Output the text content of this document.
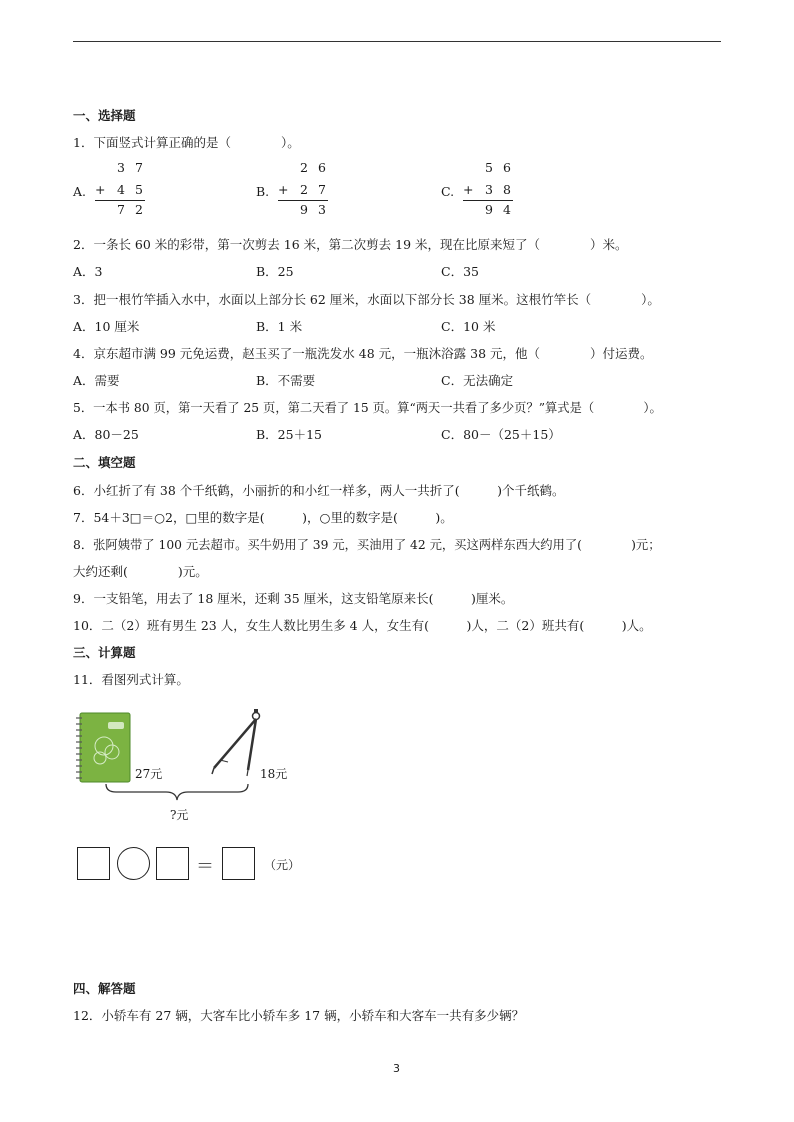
一、选择题
1．下面竖式计算正确的是（　　　　）。
A.
3 7
+ 4 5
7 2
B.
2 6
+ 2 7
9 3
C.
5 6
+ 3 8
9 4
2．一条长 60 米的彩带，第一次剪去 16 米，第二次剪去 19 米，现在比原来短了（　　　　）米。
A．3	B．25	C．35
3．把一根竹竿插入水中，水面以上部分长 62 厘米，水面以下部分长 38 厘米。这根竹竿长（　　　　）。
A．10 厘米	B．1 米	C．10 米
4．京东超市满 99 元免运费，赵玉买了一瓶洗发水 48 元，一瓶沐浴露 38 元，他（　　　　）付运费。
A．需要	B．不需要	C．无法确定
5．一本书 80 页，第一天看了 25 页，第二天看了 15 页。算“两天一共看了多少页？”算式是（　　　　）。
A．80－25	B．25＋15	C．80－（25＋15）
二、填空题
6．小红折了有 38 个千纸鹤，小丽折的和小红一样多，两人一共折了(　　　)个千纸鹤。
7．54＋3□＝○2，□里的数字是(　　　)，○里的数字是(　　　)。
8．张阿姨带了 100 元去超市。买牛奶用了 39 元，买油用了 42 元，买这两样东西大约用了(　　　　)元；
大约还剩(　　　　)元。
9．一支铅笔，用去了 18 厘米，还剩 35 厘米，这支铅笔原来长(　　　)厘米。
10．二（2）班有男生 23 人，女生人数比男生多 4 人，女生有(　　　)人，二（2）班共有(　　　)人。
三、计算题
11．看图列式计算。
27元	18元
?元
＝	（元）
四、解答题
12．小轿车有 27 辆，大客车比小轿车多 17 辆，小轿车和大客车一共有多少辆？
3
